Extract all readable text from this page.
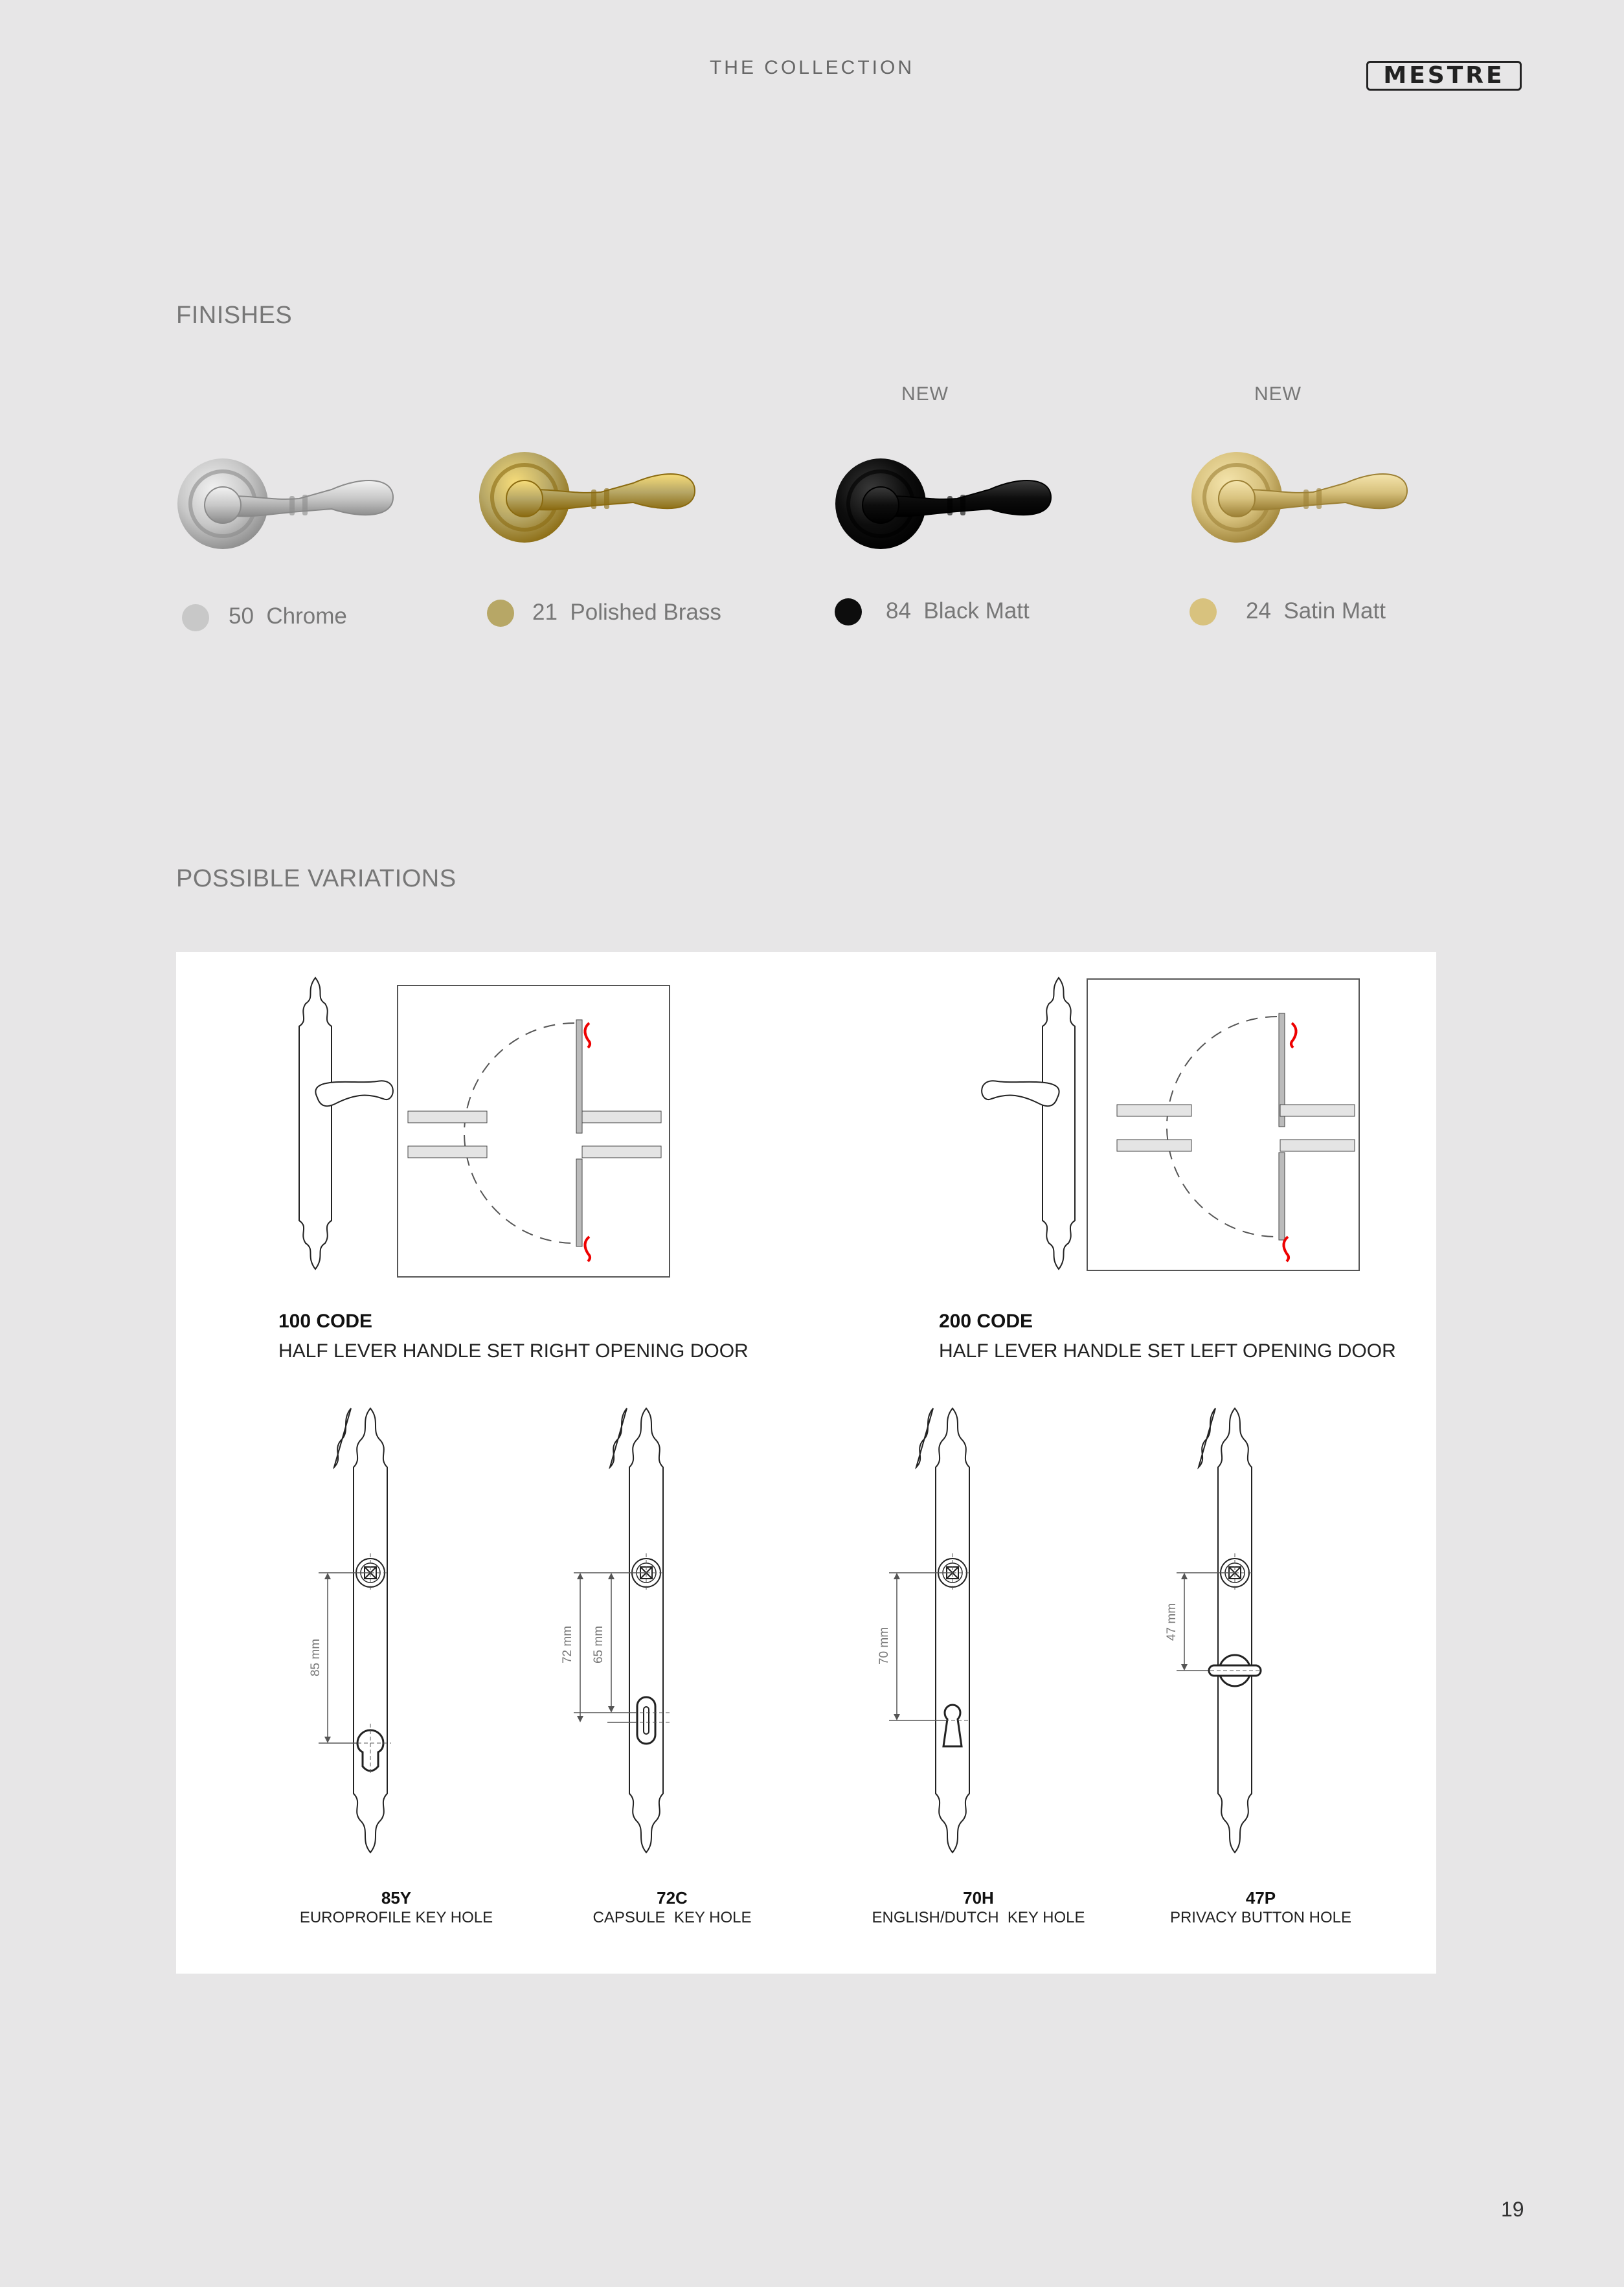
THE COLLECTION	MESTRE
FINISHES
NEW	NEW
50  Chrome	21  Polished Brass	84  Black Matt	24  Satin Matt
POSSIBLE VARIATIONS
100 CODE
HALF LEVER HANDLE SET RIGHT OPENING DOOR
200 CODE
HALF LEVER HANDLE SET LEFT OPENING DOOR
85 mm	72 mm 65 mm	70 mm
47 mm
85Y
EUROPROFILE KEY HOLE
72C
CAPSULE  KEY HOLE
70H
ENGLISH/DUTCH  KEY HOLE
47P
PRIVACY BUTTON HOLE
19
